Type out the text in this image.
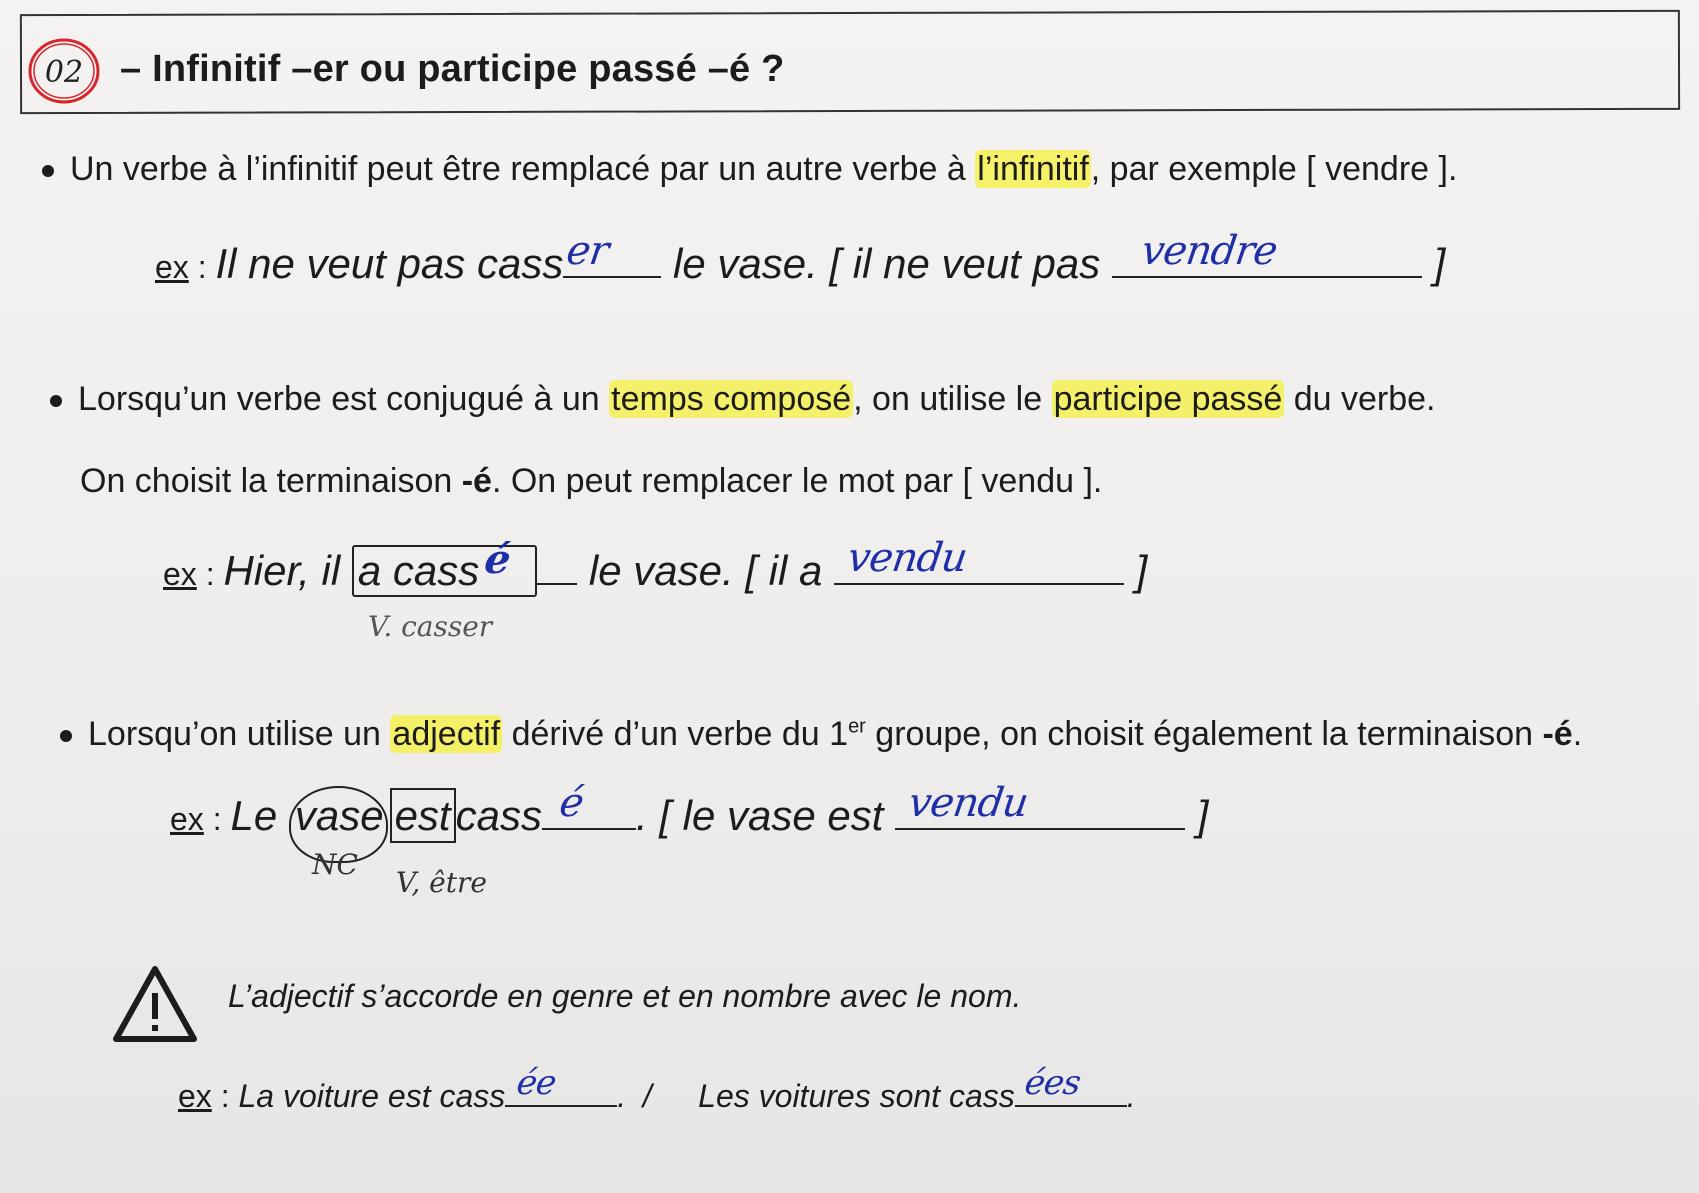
02 – Infinitif –er ou participe passé –é ?
Un verbe à l’infinitif peut être remplacé par un autre verbe à l’infinitif, par exemple [ vendre ].
ex : Il ne veut pas cass er le vase. [ il ne veut pas vendre	]
Lorsqu’un verbe est conjugué à un temps composé, on utilise le participe passé du verbe.
On choisit la terminaison -é. On peut remplacer le mot par [ vendu ].
ex : Hier, il a cass é le vase. [ il a vendu	]
V. casser
Lorsqu’on utilise un adjectif dérivé d’un verbe du 1er groupe, on choisit également la terminaison -é.
ex : Le vase est cass é . [ le vase est vendu	]
NC
V, être
L’adjectif s’accorde en genre et en nombre avec le nom.
ex : La voiture est cass ée . / Les voitures sont cass ées .
